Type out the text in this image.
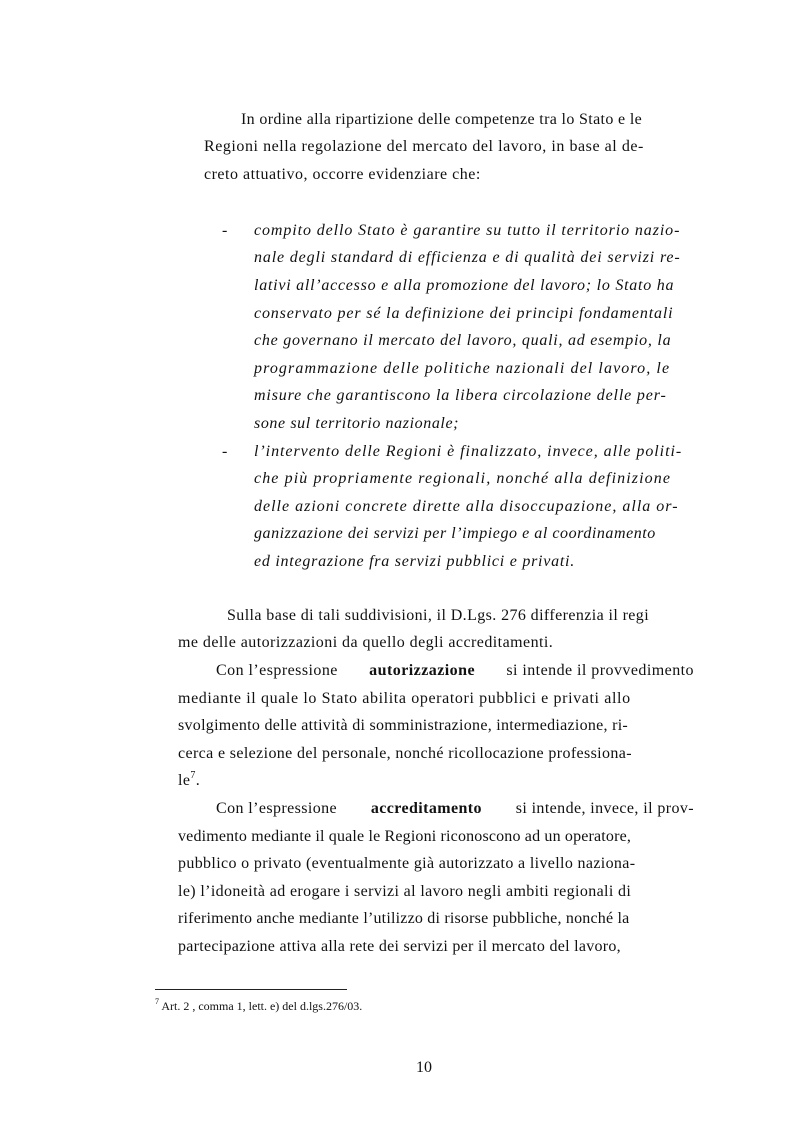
In ordine alla ripartizione delle competenze tra lo Stato e le
Regioni nella regolazione del mercato del lavoro, in base al de-
creto attuativo, occorre evidenziare che:
- compito dello Stato è garantire su tutto il territorio nazio-
nale degli standard di efficienza e di qualità dei servizi re-
lativi all’accesso e alla promozione del lavoro; lo Stato ha
conservato per sé la definizione dei principi fondamentali
che governano il mercato del lavoro, quali, ad esempio, la
programmazione delle politiche nazionali del lavoro, le
misure che garantiscono la libera circolazione delle per-
sone sul territorio nazionale;
- l’intervento delle Regioni è finalizzato, invece, alle politi-
che più propriamente regionali, nonché alla definizione
delle azioni concrete dirette alla disoccupazione, alla or-
ganizzazione dei servizi per l’impiego e al coordinamento
ed integrazione fra servizi pubblici e privati.
Sulla base di tali suddivisioni, il D.Lgs. 276 differenzia il regi
me delle autorizzazioni da quello degli accreditamenti.
Con l’espressione autorizzazione si intende il provvedimento
mediante il quale lo Stato abilita operatori pubblici e privati allo
svolgimento delle attività di somministrazione, intermediazione, ri-
cerca e selezione del personale, nonché ricollocazione professiona-
$le^7$.
Con l’espressione accreditamento si intende, invece, il prov-
vedimento mediante il quale le Regioni riconoscono ad un operatore,
pubblico o privato (eventualmente già autorizzato a livello naziona-
le) l’idoneità ad erogare i servizi al lavoro negli ambiti regionali di
riferimento anche mediante l’utilizzo di risorse pubbliche, nonché la
partecipazione attiva alla rete dei servizi per il mercato del lavoro,
$^7$ Art. 2 , comma 1, lett. e) del d.lgs.276/03.
10
